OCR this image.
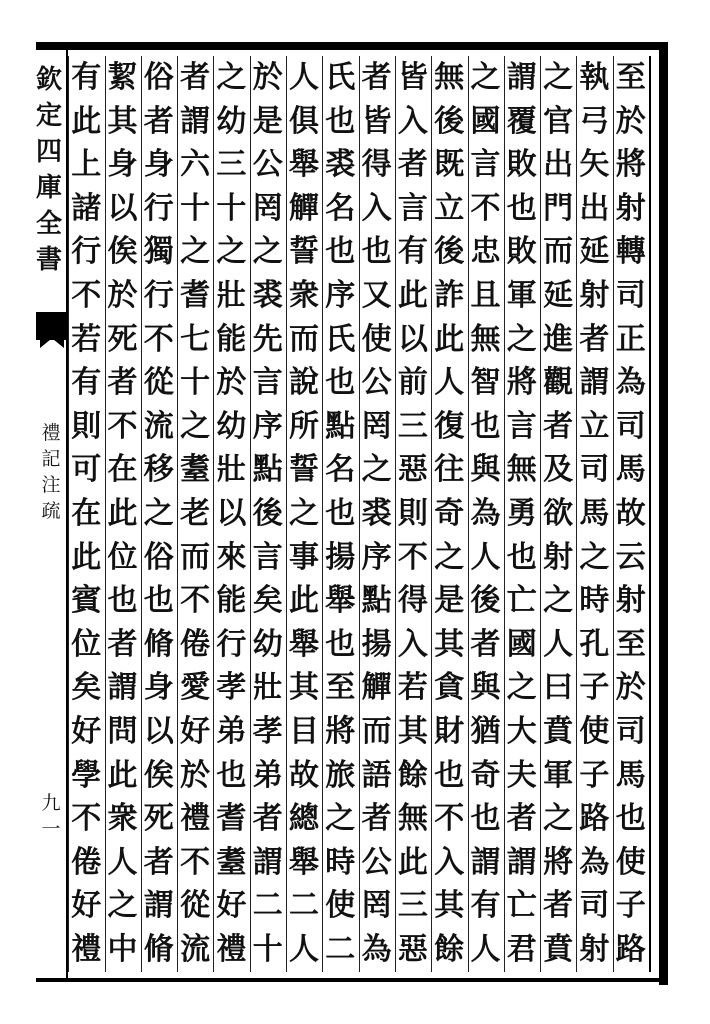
欽
定
四
庫
全
書
禮
記
注
疏
九
一
至
於
將
射
轉
司
正
為
司
馬
故
云
射
至
於
司
馬
也
使
子
路
執
弓
矢
出
延
射
者
謂
立
司
馬
之
時
孔
子
使
子
路
為
司
射
之
官
出
門
而
延
進
觀
者
及
欲
射
之
人
曰
賁
軍
之
將
者
賁
謂
覆
敗
也
敗
軍
之
將
言
無
勇
也
亡
國
之
大
夫
者
謂
亡
君
之
國
言
不
忠
且
無
智
也
與
為
人
後
者
與
猶
奇
也
謂
有
人
無
後
既
立
後
詐
此
人
復
往
奇
之
是
其
貪
財
也
不
入
其
餘
皆
入
者
言
有
此
以
前
三
惡
則
不
得
入
若
其
餘
無
此
三
惡
者
皆
得
入
也
又
使
公
罔
之
裘
序
點
揚
觶
而
語
者
公
罔
為
氏
也
裘
名
也
序
氏
也
點
名
也
揚
舉
也
至
將
旅
之
時
使
二
人
俱
舉
觶
誓
衆
而
說
所
誓
之
事
此
舉
其
目
故
總
舉
二
人
於
是
公
罔
之
裘
先
言
序
點
後
言
矣
幼
壯
孝
弟
者
謂
二
十
之
幼
三
十
之
壯
能
於
幼
壯
以
來
能
行
孝
弟
也
耆
耋
好
禮
者
謂
六
十
之
耆
七
十
之
耋
老
而
不
倦
愛
好
於
禮
不
從
流
俗
者
身
行
獨
行
不
從
流
移
之
俗
也
脩
身
以
俟
死
者
謂
脩
絜
其
身
以
俟
於
死
者
不
在
此
位
也
者
謂
問
此
衆
人
之
中
有
此
上
諸
行
不
若
有
則
可
在
此
賓
位
矣
好
學
不
倦
好
禮
